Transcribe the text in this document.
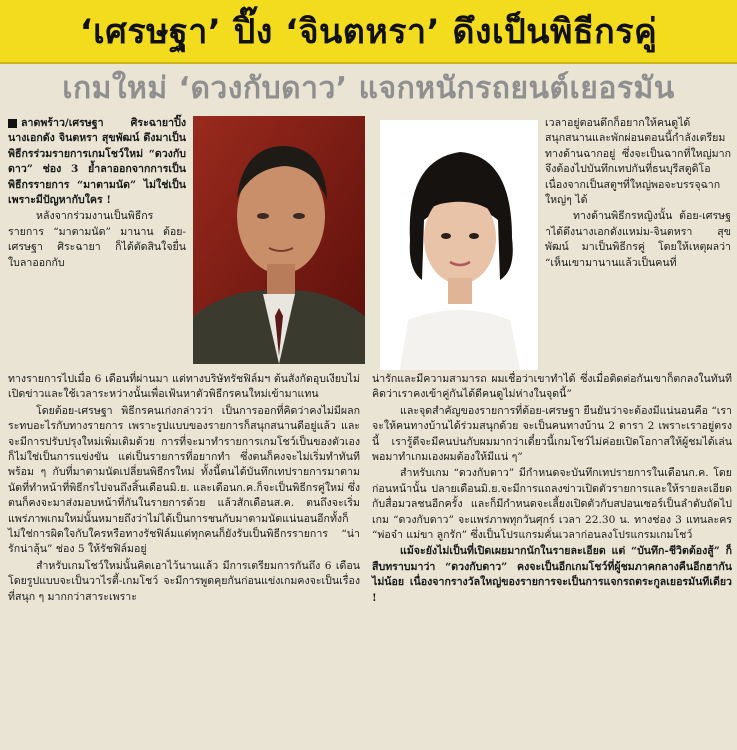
‘เศรษฐา’ ปิ๊ง ‘จินตหรา’ ดึงเป็นพิธีกรคู่
เกมใหม่ ‘ดวงกับดาว’ แจกหนักรถยนต์เยอรมัน

ลาดพร้าว/เศรษฐา ศิระฉายาปิ๊งนางเอกดัง จินตหรา สุขพัฒน์ ดึงมาเป็นพิธีกรร่วมรายการเกมโชว์ใหม่ “ดวงกับดาว” ช่อง 3 ย้ำลาออกจากการเป็นพิธีกรรายการ “มาตามนัด” ไม่ใช่เป็นเพราะมีปัญหากับใคร !

หลังจากร่วมงานเป็นพิธีกรรายการ “มาตามนัด” มานาน ต้อย-เศรษฐา ศิระฉายา ก็ได้ตัดสินใจยื่นใบลาออกกับ

เวลาอยู่ตอนดึกก็อยากให้คนดูได้สนุกสนานและพักผ่อนตอนนี้กำลังเตรียมทางด้านฉากอยู่ ซึ่งจะเป็นฉากที่ใหญ่มากจึงต้องไปบันทึกเทปกันที่ธนบุรีสตูดิโอ เนื่องจากเป็นสตูฯที่ใหญ่พอจะบรรจุฉากใหญ่ๆ ได้

ทางด้านพิธีกรหญิงนั้น ต้อย-เศรษฐาได้ดึงนางเอกดังแหม่ม-จินตหรา สุขพัฒน์ มาเป็นพิธีกรคู่ โดยให้เหตุผลว่า “เห็นเขามานานแล้วเป็นคนที่

ทางรายการไปเมื่อ 6 เดือนที่ผ่านมา แต่ทางบริษัทรัชฟิล์มฯ ต้นสังกัดอุบเงียบไม่เปิดข่าวและใช้เวลาระหว่างนั้นเพื่อเฟ้นหาตัวพิธีกรคนใหม่เข้ามาแทน

โดยต้อย-เศรษฐา พิธีกรคนเก่งกล่าวว่า เป็นการออกที่คิดว่าคงไม่มีผลกระทบอะไรกับทางรายการ เพราะรูปแบบของรายการก็สนุกสนานดีอยู่แล้ว และจะมีการปรับปรุงใหม่เพิ่มเติมด้วย การที่จะมาทำรายการเกมโชว์เป็นของตัวเองก็ไม่ใช่เป็นการแข่งขัน แต่เป็นรายการที่อยากทำ ซึ่งตนก็คงจะไม่เริ่มทำทันที พร้อม ๆ กับที่มาตามนัดเปลี่ยนพิธีกรใหม่ ทั้งนี้ตนได้บันทึกเทปรายการมาตามนัดที่ทำหน้าที่พิธีกรไปจนถึงสิ้นเดือนมิ.ย. และเดือนก.ค.ก็จะเป็นพิธีกรคู่ใหม่ ซึ่งตนก็คงจะมาส่งมอบหน้าที่กันในรายการด้วย แล้วสักเดือนส.ค. ตนถึงจะเริ่มแพร่ภาพเกมใหม่นั้นหมายถึงว่าไม่ได้เป็นการชนกับมาตามนัดแน่นอนอีกทั้งก็ไม่ใช่การผิดใจกับใครหรือทางรัชฟิล์มแต่ทุกคนก็ยังรับเป็นพิธีกรรายการ “น่ารักน่าลุ้น” ช่อง 5 ให้รัชฟิล์มอยู่

สำหรับเกมโชว์ใหม่นั้นคิดเอาไว้นานแล้ว มีการเตรียมการกันถึง 6 เดือน โดยรูปแบบจะเป็นวาไรตี้-เกมโชว์ จะมีการพูดคุยกันก่อนแข่งเกมคงจะเป็นเรื่องที่สนุก ๆ มากกว่าสาระเพราะ

น่ารักและมีความสามารถ ผมเชื่อว่าเขาทำได้ ซึ่งเมื่อติดต่อกันเขาก็ตกลงในทันที คิดว่าเราคงเข้าคู่กันได้ดีคนดูไม่ห่างในจุดนี้”

และจุดสำคัญของรายการที่ต้อย-เศรษฐา ยืนยันว่าจะต้องมีแน่นอนคือ “เราจะให้คนทางบ้านได้ร่วมสนุกด้วย จะเป็นคนทางบ้าน 2 ดารา 2 เพราะเราอยู่ตรงนี้ เรารู้ดีจะมีคนบ่นกับผมมากว่าเดี๋ยวนี้เกมโชว์ไม่ค่อยเปิดโอกาสให้ผู้ชมได้เล่น พอมาทำเกมเองผมต้องให้มีแน่ ๆ”

สำหรับเกม “ดวงกับดาว” มีกำหนดจะบันทึกเทปรายการในเดือนก.ค. โดยก่อนหน้านั้น ปลายเดือนมิ.ย.จะมีการแถลงข่าวเปิดตัวรายการและให้รายละเอียดกับสื่อมวลชนอีกครั้ง และก็มีกำหนดจะเลี้ยงเปิดตัวกับสปอนเซอร์เป็นลำดับถัดไป เกม “ดวงกับดาว” จะแพร่ภาพทุกวันศุกร์ เวลา 22.30 น. ทางช่อง 3 แทนละคร “พ่อจ๋า แม่ขา ลูกรัก” ซึ่งเป็นโปรแกรมคั่นเวลาก่อนลงโปรแกรมเกมโชว์

แม้จะยังไม่เป็นที่เปิดเผยมากนักในรายละเอียด แต่ “บันทึก-ชีวิตต้องสู้” ก็สืบทราบมาว่า “ดวงกับดาว” คงจะเป็นอีกเกมโชว์ที่ผู้ชมภาคกลางคืนอีกฮากันไม่น้อย เนื่องจากรางวัลใหญ่ของรายการจะเป็นการแจกรถตระกูลเยอรมันทีเดียว !
